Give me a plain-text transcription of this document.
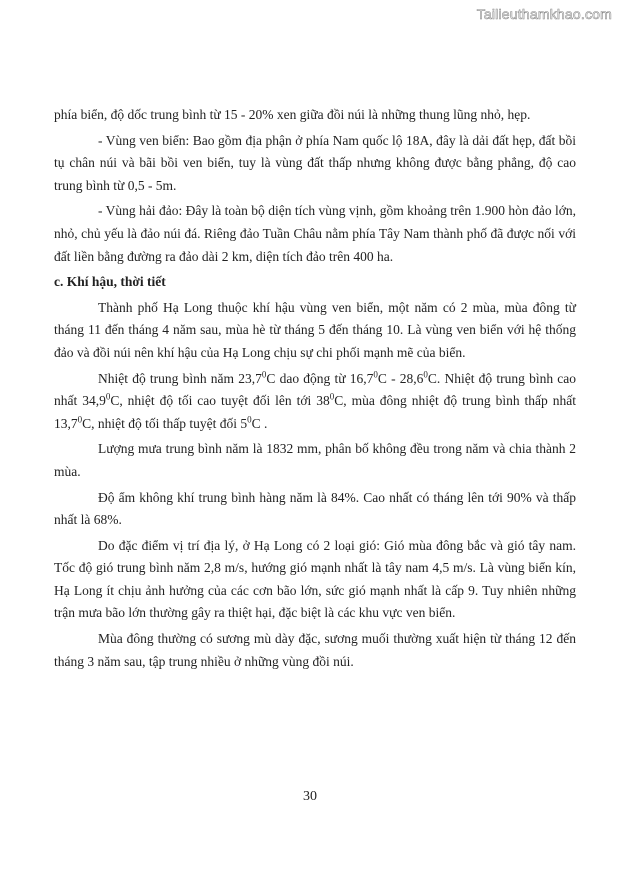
Tailieuthamkhao.com

phía biển, độ dốc trung bình từ 15 - 20% xen giữa đồi núi là những thung lũng nhỏ, hẹp.

- Vùng ven biển: Bao gồm địa phận ở phía Nam quốc lộ 18A, đây là dải đất hẹp, đất bồi tụ chân núi và bãi bồi ven biển, tuy là vùng đất thấp nhưng không được bằng phẳng, độ cao trung bình từ 0,5 - 5m.

- Vùng hải đảo: Đây là toàn bộ diện tích vùng vịnh, gồm khoảng trên 1.900 hòn đảo lớn, nhỏ, chủ yếu là đảo núi đá. Riêng đảo Tuần Châu nằm phía Tây Nam thành phố đã được nối với đất liền bằng đường ra đảo dài 2 km, diện tích đảo trên 400 ha.

c. Khí hậu, thời tiết

Thành phố Hạ Long thuộc khí hậu vùng ven biển, một năm có 2 mùa, mùa đông từ tháng 11 đến tháng 4 năm sau, mùa hè từ tháng 5 đến tháng 10. Là vùng ven biển với hệ thống đảo và đồi núi nên khí hậu của Hạ Long chịu sự chi phối mạnh mẽ của biển.

Nhiệt độ trung bình năm 23,7$^0$C dao động từ 16,7$^0$C - 28,6$^0$C. Nhiệt độ trung bình cao nhất 34,9$^0$C, nhiệt độ tối cao tuyệt đối lên tới $38^0C$, mùa đông nhiệt độ trung bình thấp nhất 13,7$^0$C, nhiệt độ tối thấp tuyệt đối $5^0C$ .

Lượng mưa trung bình năm là 1832 mm, phân bố không đều trong năm và chia thành 2 mùa.

Độ ẩm không khí trung bình hàng năm là 84%. Cao nhất có tháng lên tới 90% và thấp nhất là 68%.

Do đặc điểm vị trí địa lý, ở Hạ Long có 2 loại gió: Gió mùa đông bắc và gió tây nam. Tốc độ gió trung bình năm 2,8 m/s, hướng gió mạnh nhất là tây nam 4,5 m/s. Là vùng biển kín, Hạ Long ít chịu ảnh hưởng của các cơn bão lớn, sức gió mạnh nhất là cấp 9. Tuy nhiên những trận mưa bão lớn thường gây ra thiệt hại, đặc biệt là các khu vực ven biển.

Mùa đông thường có sương mù dày đặc, sương muối thường xuất hiện từ tháng 12 đến tháng 3 năm sau, tập trung nhiều ở những vùng đồi núi.

30
